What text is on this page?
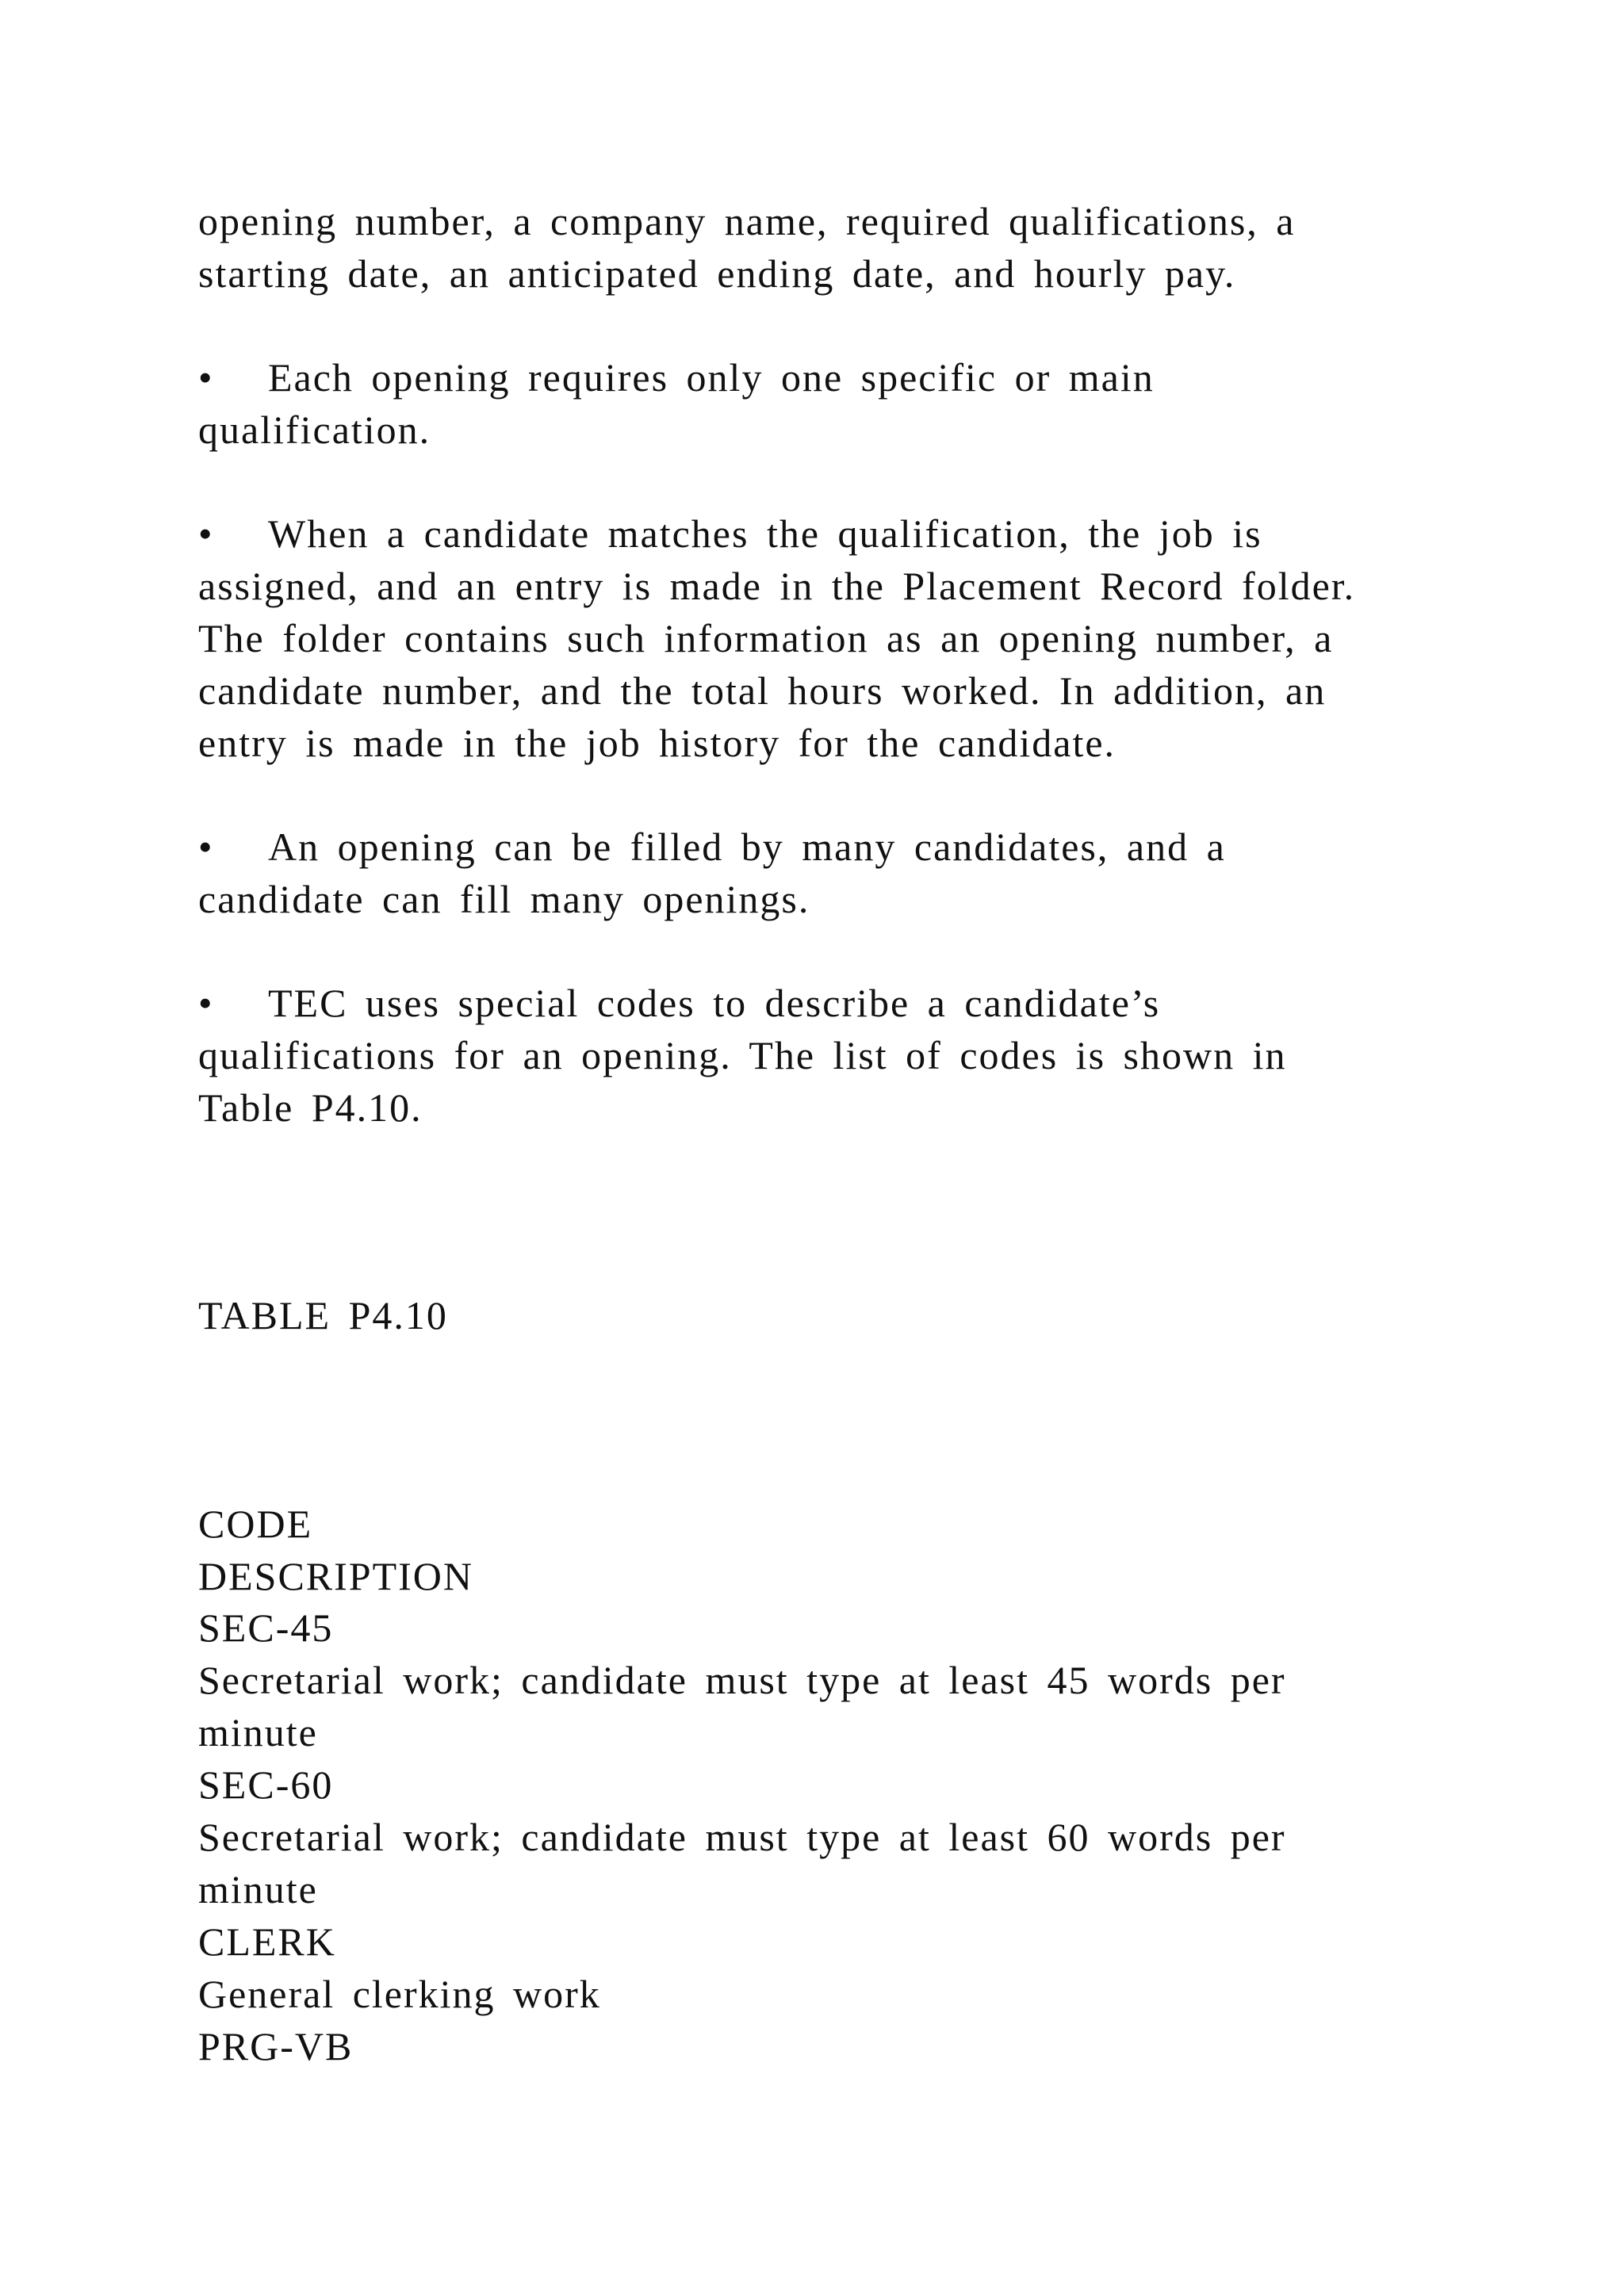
opening number, a company name, required qualifications, a
starting date, an anticipated ending date, and hourly pay.
• Each opening requires only one specific or main
qualification.
• When a candidate matches the qualification, the job is
assigned, and an entry is made in the Placement Record folder.
The folder contains such information as an opening number, a
candidate number, and the total hours worked. In addition, an
entry is made in the job history for the candidate.
• An opening can be filled by many candidates, and a
candidate can fill many openings.
• TEC uses special codes to describe a candidate’s
qualifications for an opening. The list of codes is shown in
Table P4.10.
TABLE P4.10
CODE
DESCRIPTION
SEC-45
Secretarial work; candidate must type at least 45 words per
minute
SEC-60
Secretarial work; candidate must type at least 60 words per
minute
CLERK
General clerking work
PRG-VB
